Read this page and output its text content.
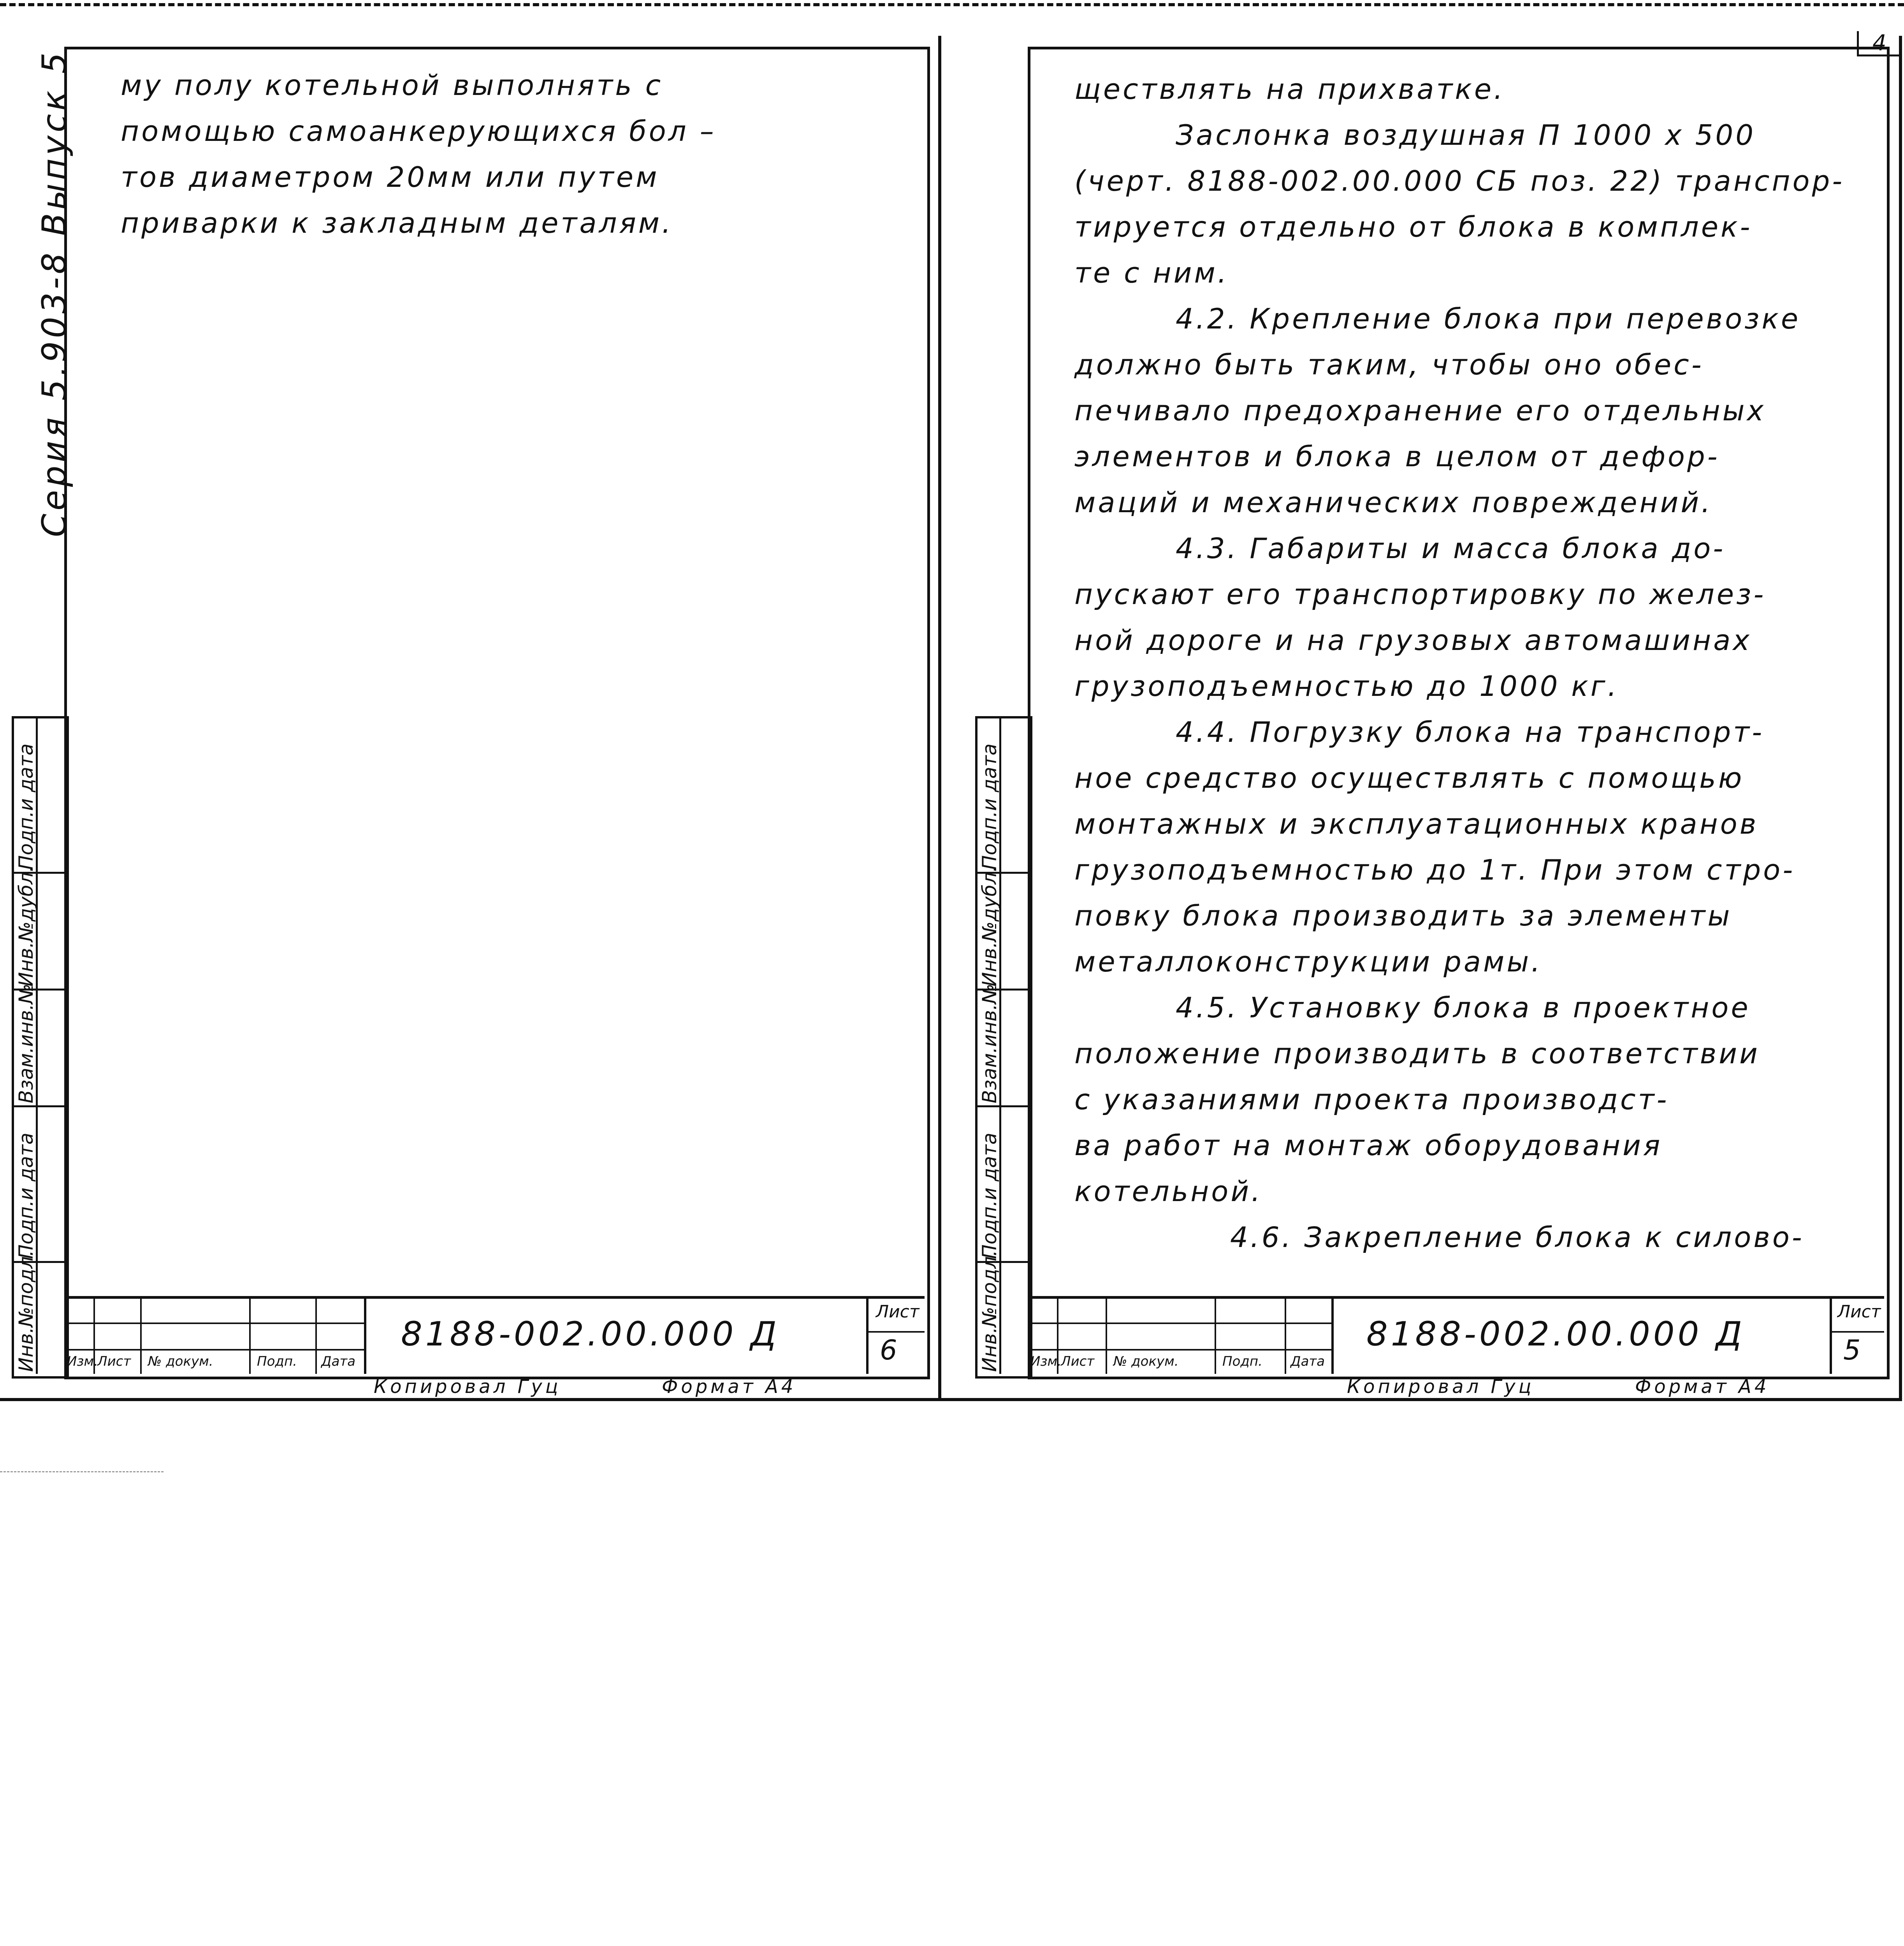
4
Серия 5.903-8 Выпуск 5
Инв.№подл.
Подп.и дата
Взам.инв.№
Инв.№дубл.
Подп.и дата
му полу котельной выполнять с
помощью самоанкерующихся бол –
тов диаметром 20мм или путем
приварки к закладным деталям.
Изм.
Лист № докум.	Подп. Дата
8188-002.00.000 Д
Лист
6
Копировал Гуц	Формат А4
Инв.№подл.
Подп.и дата
Взам.инв.№
Инв.№дубл.
Подп.и дата
ществлять на прихватке.
Заслонка воздушная П 1000 х 500
(черт. 8188-002.00.000 СБ поз. 22) транспор-
тируется отдельно от блока в комплек-
те с ним.
4.2. Крепление блока при перевозке
должно быть таким, чтобы оно обес-
печивало предохранение его отдельных
элементов и блока в целом от дефор-
маций и механических повреждений.
4.3. Габариты и масса блока до-
пускают его транспортировку по желез-
ной дороге и на грузовых автомашинах
грузоподъемностью до 1000 кг.
4.4. Погрузку блока на транспорт-
ное средство осуществлять с помощью
монтажных и эксплуатационных кранов
грузоподъемностью до 1т. При этом стро-
повку блока производить за элементы
металлоконструкции рамы.
4.5. Установку блока в проектное
положение производить в соответствии
с указаниями проекта производст-
ва работ на монтаж оборудования
котельной.
4.6. Закрепление блока к силово-
Изм.
Лист № докум.	Подп. Дата
8188-002.00.000 Д
Лист
5
Копировал Гуц	Формат А4
